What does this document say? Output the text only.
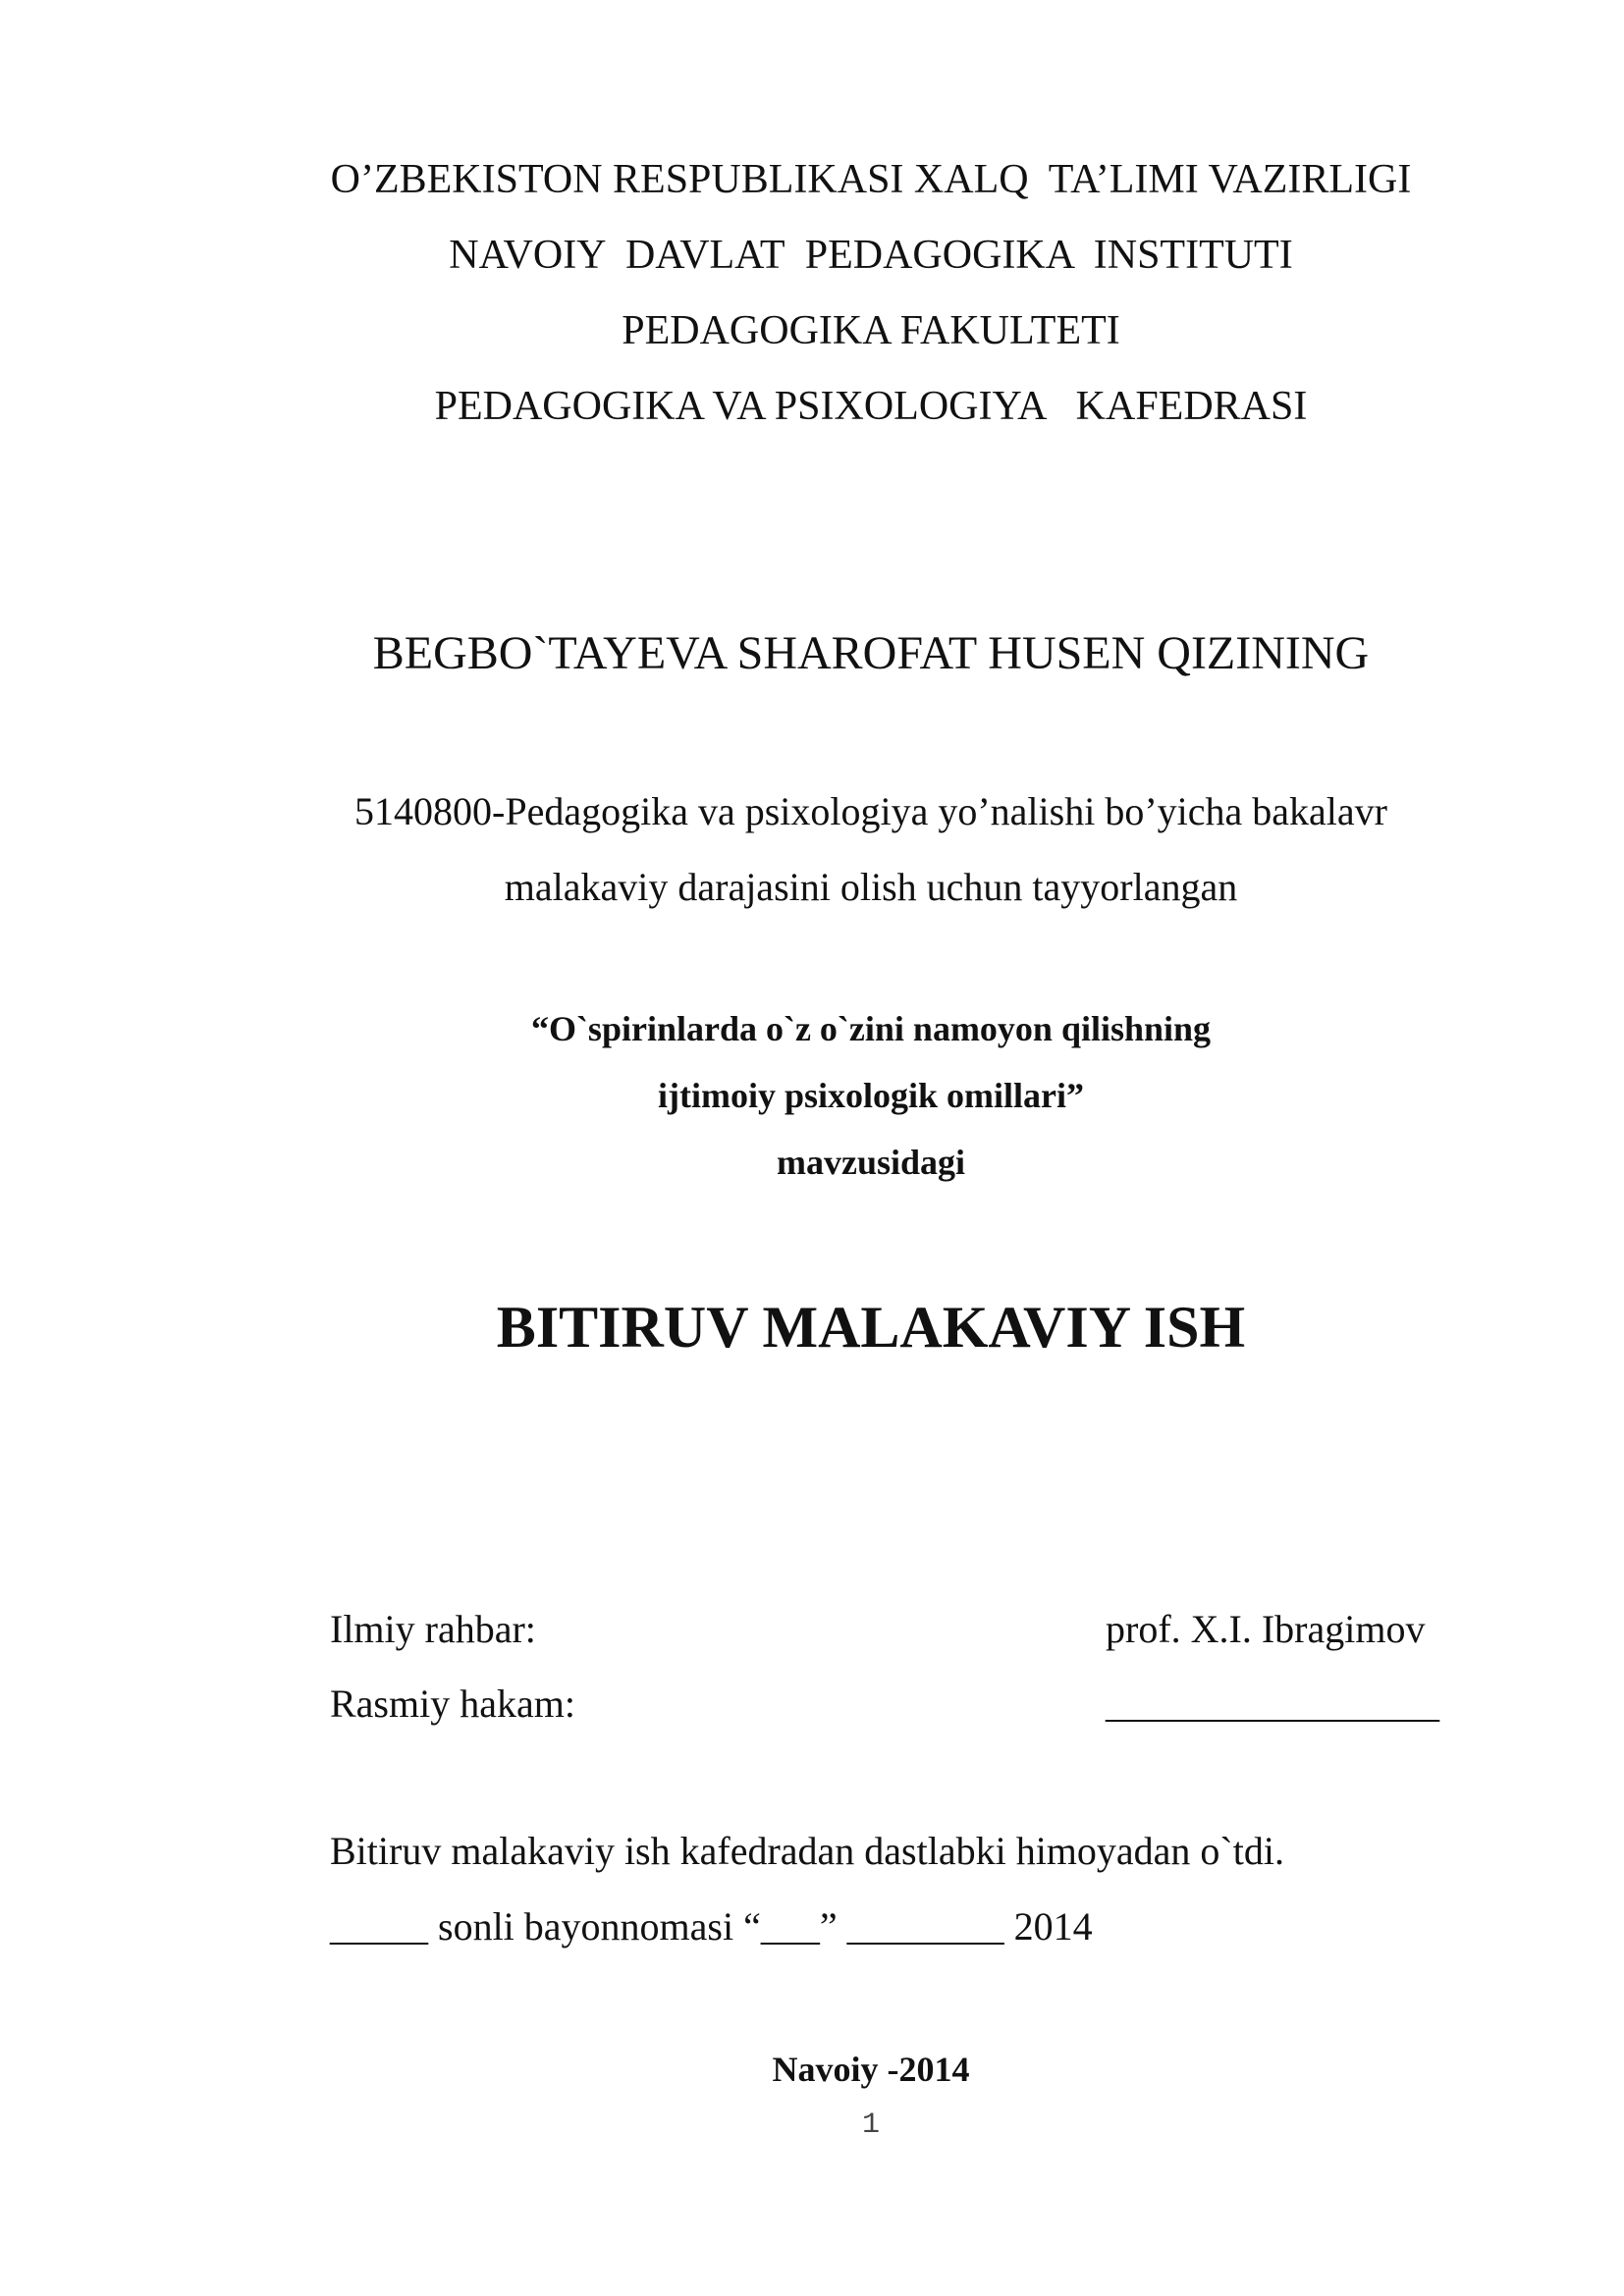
O’ZBEKISTON RESPUBLIKASI XALQ  TA’LIMI VAZIRLIGI
NAVOIY  DAVLAT  PEDAGOGIKA  INSTITUTI
PEDAGOGIKA FAKULTETI
PEDAGOGIKA VA PSIXOLOGIYA   KAFEDRASI
BEGBO`TAYEVA SHAROFAT HUSEN QIZINING
5140800-Pedagogika va psixologiya yo’nalishi bo’yicha bakalavr
malakaviy darajasini olish uchun tayyorlangan
“O`spirinlarda o`z o`zini namoyon qilishning
ijtimoiy psixologik omillari”
mavzusidagi
BITIRUV MALAKAVIY ISH
Ilmiy rahbar:	prof. X.I. Ibragimov
Rasmiy hakam:	_________________
Bitiruv malakaviy ish kafedradan dastlabki himoyadan o`tdi.
_____ sonli bayonnomasi “___” ________ 2014
Navoiy -2014
1
